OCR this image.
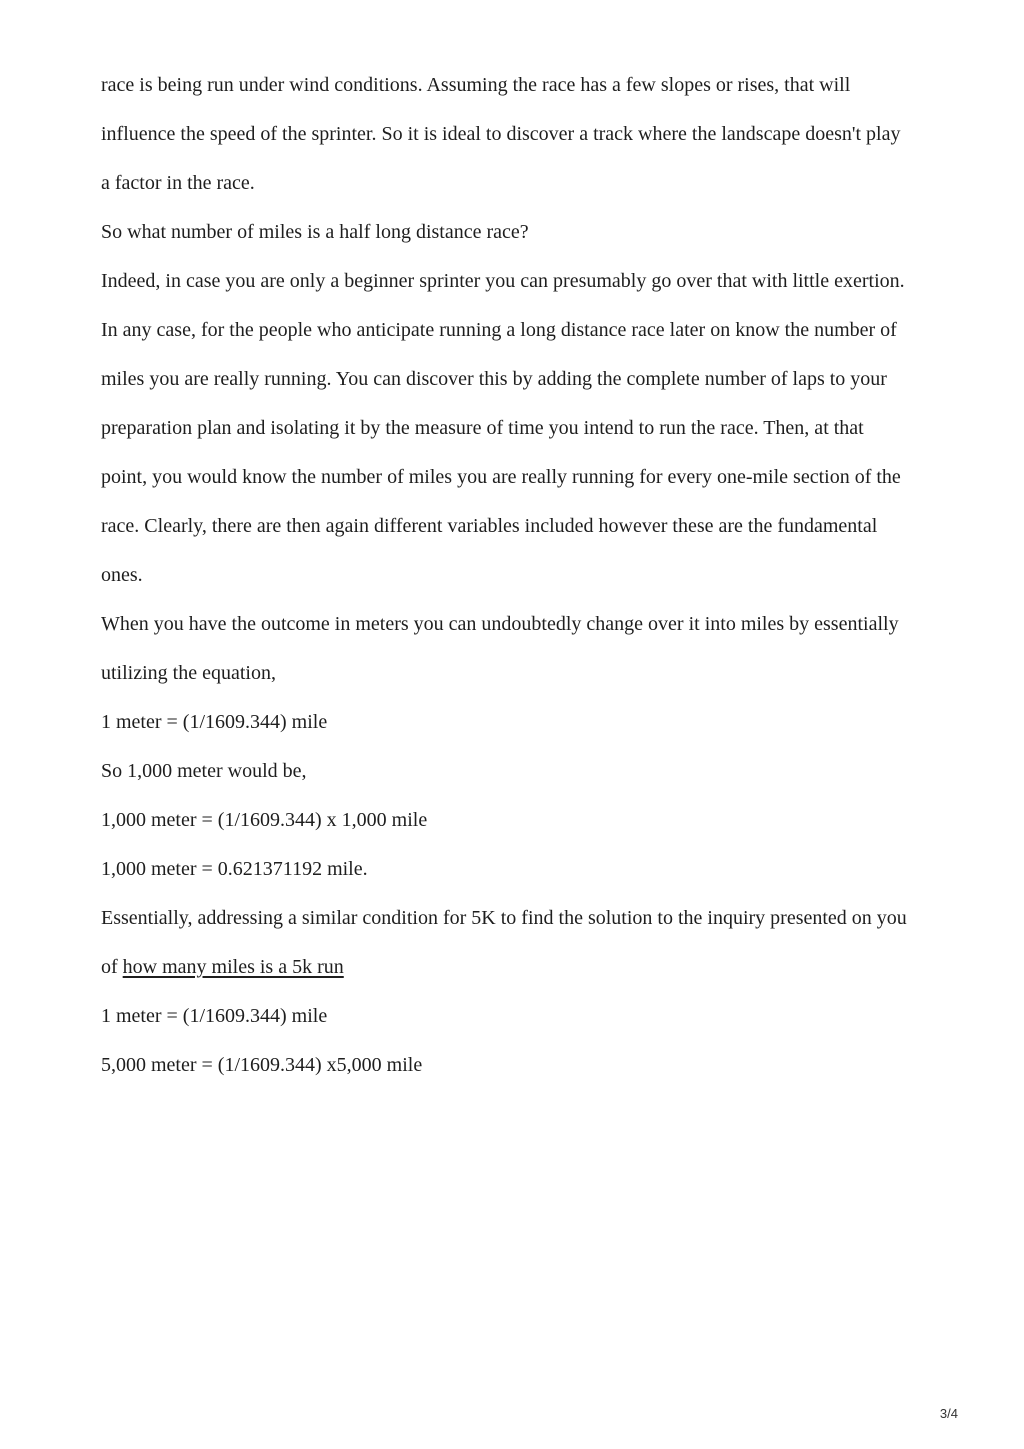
race is being run under wind conditions. Assuming the race has a few slopes or rises, that will

influence the speed of the sprinter. So it is ideal to discover a track where the landscape doesn't play

a factor in the race.

So what number of miles is a half long distance race?

Indeed, in case you are only a beginner sprinter you can presumably go over that with little exertion.

In any case, for the people who anticipate running a long distance race later on know the number of

miles you are really running. You can discover this by adding the complete number of laps to your

preparation plan and isolating it by the measure of time you intend to run the race. Then, at that

point, you would know the number of miles you are really running for every one-mile section of the

race. Clearly, there are then again different variables included however these are the fundamental

ones.

When you have the outcome in meters you can undoubtedly change over it into miles by essentially

utilizing the equation,

1 meter = (1/1609.344) mile

So 1,000 meter would be,

1,000 meter = (1/1609.344) x 1,000 mile

1,000 meter = 0.621371192 mile.

Essentially, addressing a similar condition for 5K to find the solution to the inquiry presented on you

of how many miles is a 5k run

1 meter = (1/1609.344) mile

5,000 meter = (1/1609.344) x5,000 mile

3/4
